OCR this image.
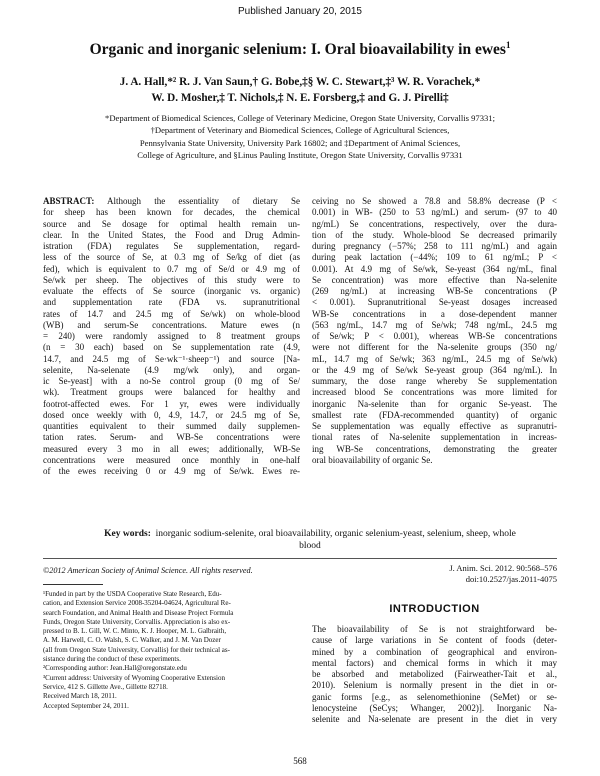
Published January 20, 2015
Organic and inorganic selenium: I. Oral bioavailability in ewes$^1$
J. A. Hall,*² R. J. Van Saun,† G. Bobe,‡§ W. C. Stewart,‡³ W. R. Vorachek,*
W. D. Mosher,‡ T. Nichols,‡ N. E. Forsberg,‡ and G. J. Pirelli‡
*Department of Biomedical Sciences, College of Veterinary Medicine, Oregon State University, Corvallis 97331;
†Department of Veterinary and Biomedical Sciences, College of Agricultural Sciences,
Pennsylvania State University, University Park 16802; and ‡Department of Animal Sciences,
College of Agriculture, and §Linus Pauling Institute, Oregon State University, Corvallis 97331
ABSTRACT: Although the essentiality of dietary Se
for sheep has been known for decades, the chemical
source and Se dosage for optimal health remain un-
clear. In the United States, the Food and Drug Admin-
istration (FDA) regulates Se supplementation, regard-
less of the source of Se, at 0.3 mg of Se/kg of diet (as
fed), which is equivalent to 0.7 mg of Se/d or 4.9 mg of
Se/wk per sheep. The objectives of this study were to
evaluate the effects of Se source (inorganic vs. organic)
and supplementation rate (FDA vs. supranutritional
rates of 14.7 and 24.5 mg of Se/wk) on whole-blood
(WB) and serum-Se concentrations. Mature ewes (n
= 240) were randomly assigned to 8 treatment groups
(n = 30 each) based on Se supplementation rate (4.9,
14.7, and 24.5 mg of Se·wk⁻¹·sheep⁻¹) and source [Na-
selenite, Na-selenate (4.9 mg/wk only), and organ-
ic Se-yeast] with a no-Se control group (0 mg of Se/
wk). Treatment groups were balanced for healthy and
footrot-affected ewes. For 1 yr, ewes were individually
dosed once weekly with 0, 4.9, 14.7, or 24.5 mg of Se,
quantities equivalent to their summed daily supplemen-
tation rates. Serum- and WB-Se concentrations were
measured every 3 mo in all ewes; additionally, WB-Se
concentrations were measured once monthly in one-half
of the ewes receiving 0 or 4.9 mg of Se/wk. Ewes re-
ceiving no Se showed a 78.8 and 58.8% decrease (P <
0.001) in WB- (250 to 53 ng/mL) and serum- (97 to 40
ng/mL) Se concentrations, respectively, over the dura-
tion of the study. Whole-blood Se decreased primarily
during pregnancy (−57%; 258 to 111 ng/mL) and again
during peak lactation (−44%; 109 to 61 ng/mL; P <
0.001). At 4.9 mg of Se/wk, Se-yeast (364 ng/mL, final
Se concentration) was more effective than Na-selenite
(269 ng/mL) at increasing WB-Se concentrations (P
< 0.001). Supranutritional Se-yeast dosages increased
WB-Se concentrations in a dose-dependent manner
(563 ng/mL, 14.7 mg of Se/wk; 748 ng/mL, 24.5 mg
of Se/wk; P < 0.001), whereas WB-Se concentrations
were not different for the Na-selenite groups (350 ng/
mL, 14.7 mg of Se/wk; 363 ng/mL, 24.5 mg of Se/wk)
or the 4.9 mg of Se/wk Se-yeast group (364 ng/mL). In
summary, the dose range whereby Se supplementation
increased blood Se concentrations was more limited for
inorganic Na-selenite than for organic Se-yeast. The
smallest rate (FDA-recommended quantity) of organic
Se supplementation was equally effective as supranutri-
tional rates of Na-selenite supplementation in increas-
ing WB-Se concentrations, demonstrating the greater
oral bioavailability of organic Se.
Key words: inorganic sodium-selenite, oral bioavailability, organic selenium-yeast, selenium, sheep, whole blood
©2012 American Society of Animal Science. All rights reserved.	J. Anim. Sci. 2012. 90:568–576
doi:10.2527/jas.2011-4075
¹Funded in part by the USDA Cooperative State Research, Edu-
cation, and Extension Service 2008-35204-04624, Agricultural Re-
search Foundation, and Animal Health and Disease Project Formula
Funds, Oregon State University, Corvallis. Appreciation is also ex-
pressed to B. L. Gill, W. C. Minto, K. J. Hooper, M. L. Galbraith,
A. M. Harwell, C. O. Walsh, S. C. Walker, and J. M. Van Dozer
(all from Oregon State University, Corvallis) for their technical as-
sistance during the conduct of these experiments.
²Corresponding author: Jean.Hall@oregonstate.edu
³Current address: University of Wyoming Cooperative Extension
Service, 412 S. Gillette Ave., Gillette 82718.
Received March 18, 2011.
Accepted September 24, 2011.
INTRODUCTION
The bioavailability of Se is not straightforward be-
cause of large variations in Se content of foods (deter-
mined by a combination of geographical and environ-
mental factors) and chemical forms in which it may
be absorbed and metabolized (Fairweather-Tait et al.,
2010). Selenium is normally present in the diet in or-
ganic forms [e.g., as selenomethionine (SeMet) or se-
lenocysteine (SeCys; Whanger, 2002)]. Inorganic Na-
selenite and Na-selenate are present in the diet in very
568
